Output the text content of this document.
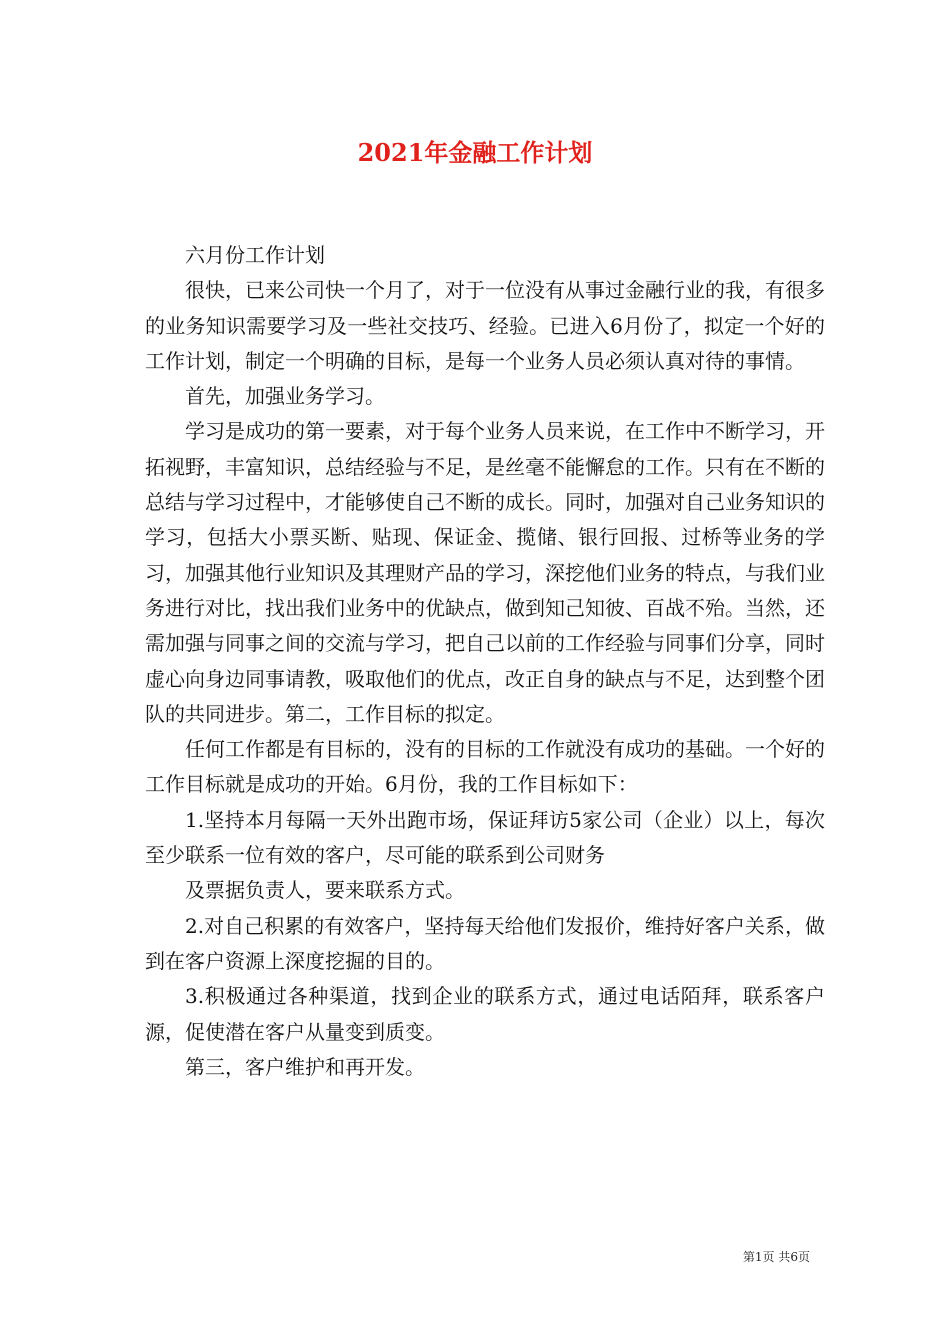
2021年金融工作计划

六月份工作计划

很快，已来公司快一个月了，对于一位没有从事过金融行业的我，有很多的业务知识需要学习及一些社交技巧、经验。已进入6月份了，拟定一个好的工作计划，制定一个明确的目标，是每一个业务人员必须认真对待的事情。

首先，加强业务学习。

学习是成功的第一要素，对于每个业务人员来说，在工作中不断学习，开拓视野，丰富知识，总结经验与不足，是丝毫不能懈怠的工作。只有在不断的总结与学习过程中，才能够使自己不断的成长。同时，加强对自己业务知识的学习，包括大小票买断、贴现、保证金、揽储、银行回报、过桥等业务的学习，加强其他行业知识及其理财产品的学习，深挖他们业务的特点，与我们业务进行对比，找出我们业务中的优缺点，做到知己知彼、百战不殆。当然，还需加强与同事之间的交流与学习，把自己以前的工作经验与同事们分享，同时虚心向身边同事请教，吸取他们的优点，改正自身的缺点与不足，达到整个团队的共同进步。第二，工作目标的拟定。

任何工作都是有目标的，没有的目标的工作就没有成功的基础。一个好的工作目标就是成功的开始。6月份，我的工作目标如下：

1.坚持本月每隔一天外出跑市场，保证拜访5家公司（企业）以上，每次至少联系一位有效的客户，尽可能的联系到公司财务

及票据负责人，要来联系方式。

2.对自己积累的有效客户，坚持每天给他们发报价，维持好客户关系，做到在客户资源上深度挖掘的目的。

3.积极通过各种渠道，找到企业的联系方式，通过电话陌拜，联系客户源，促使潜在客户从量变到质变。

第三，客户维护和再开发。

第1页 共6页
